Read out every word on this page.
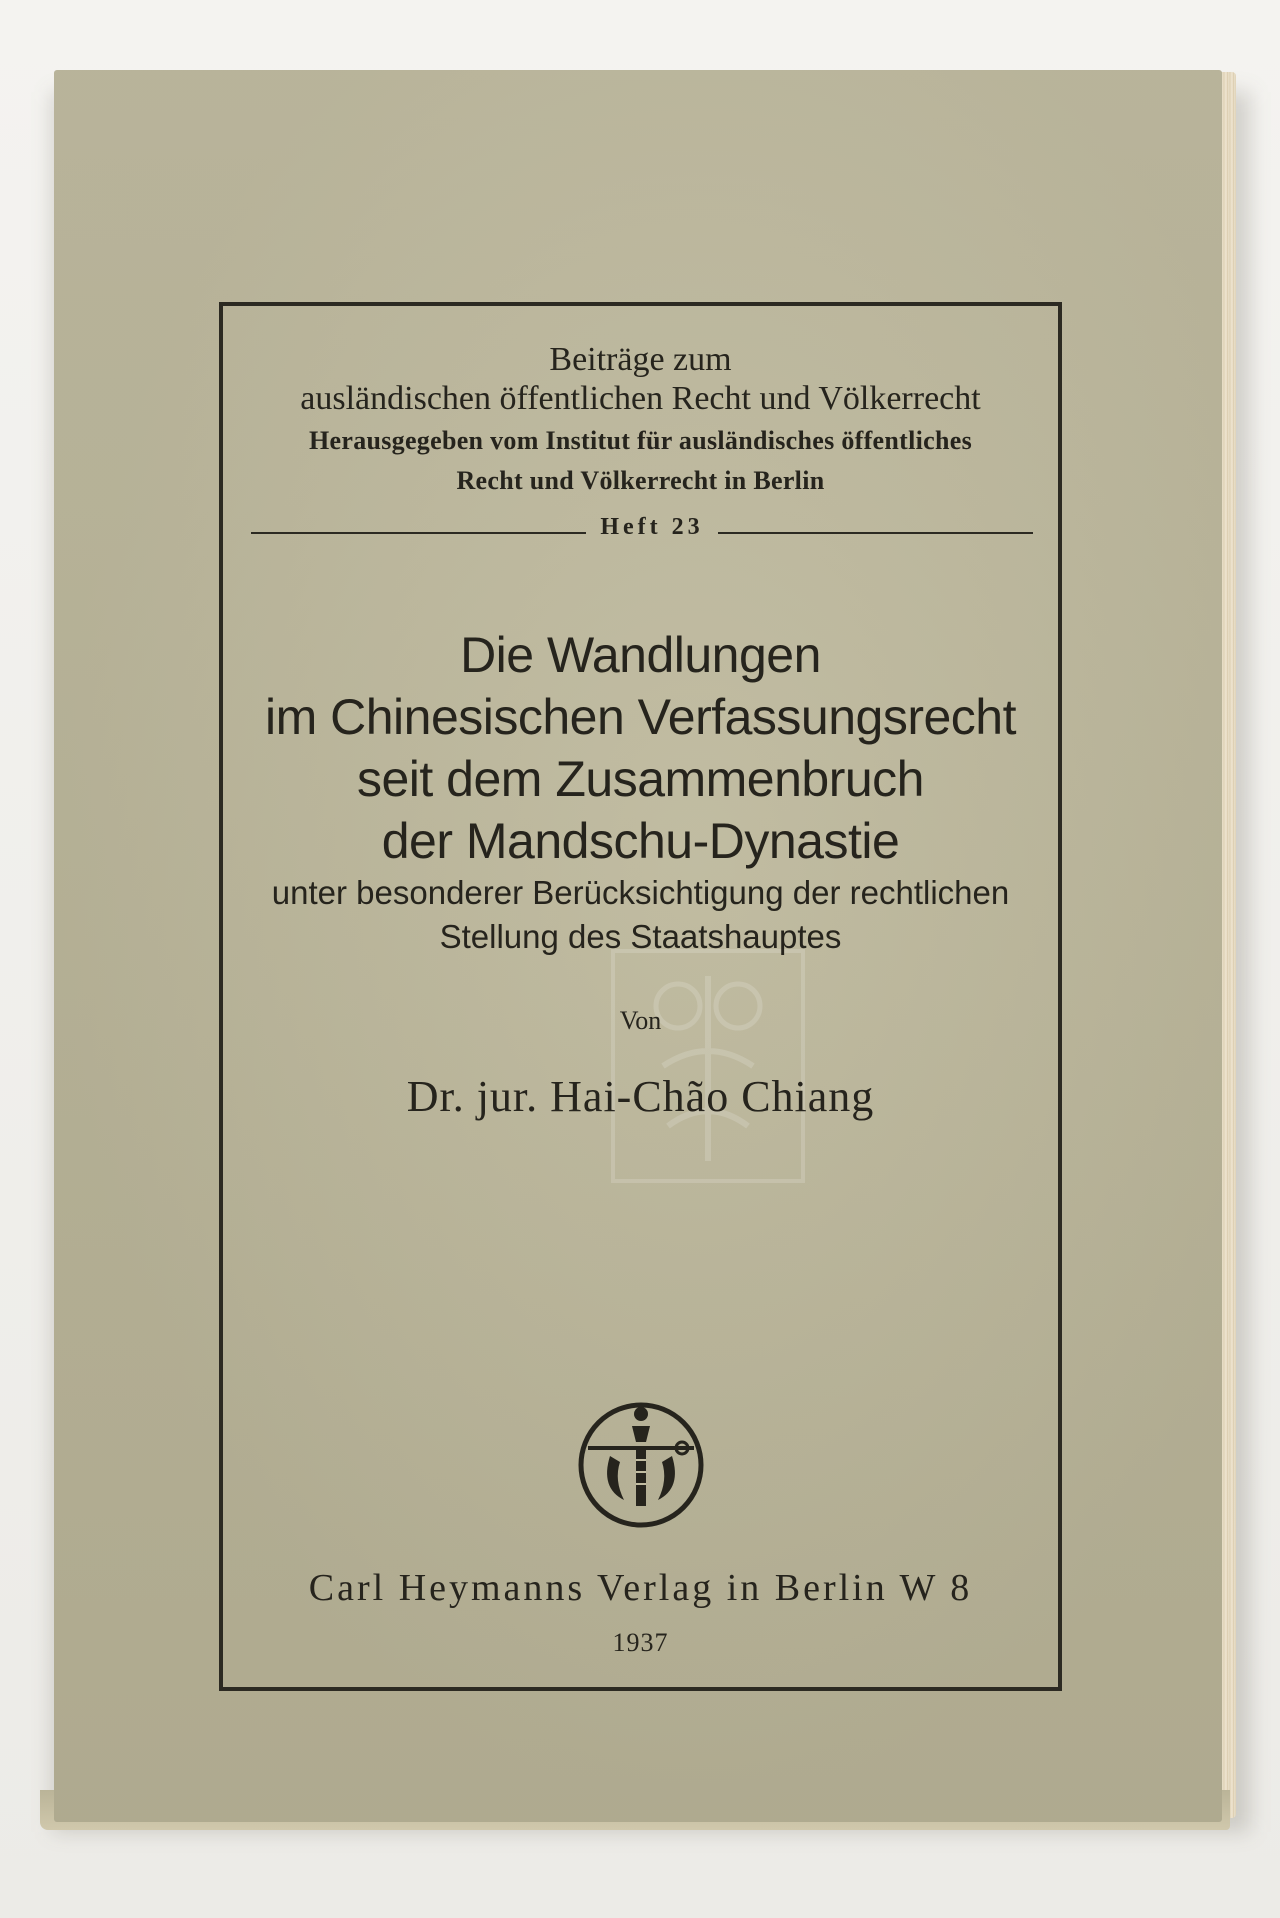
Beiträge zum
ausländischen öffentlichen Recht und Völkerrecht
Herausgegeben vom Institut für ausländisches öffentliches
Recht und Völkerrecht in Berlin
Heft 23
Die Wandlungen
im Chinesischen Verfassungsrecht
seit dem Zusammenbruch
der Mandschu-Dynastie
unter besonderer Berücksichtigung der rechtlichen
Stellung des Staatshauptes
Von
Dr. jur. Hai-Chão Chiang
Carl Heymanns Verlag in Berlin W 8
1937
